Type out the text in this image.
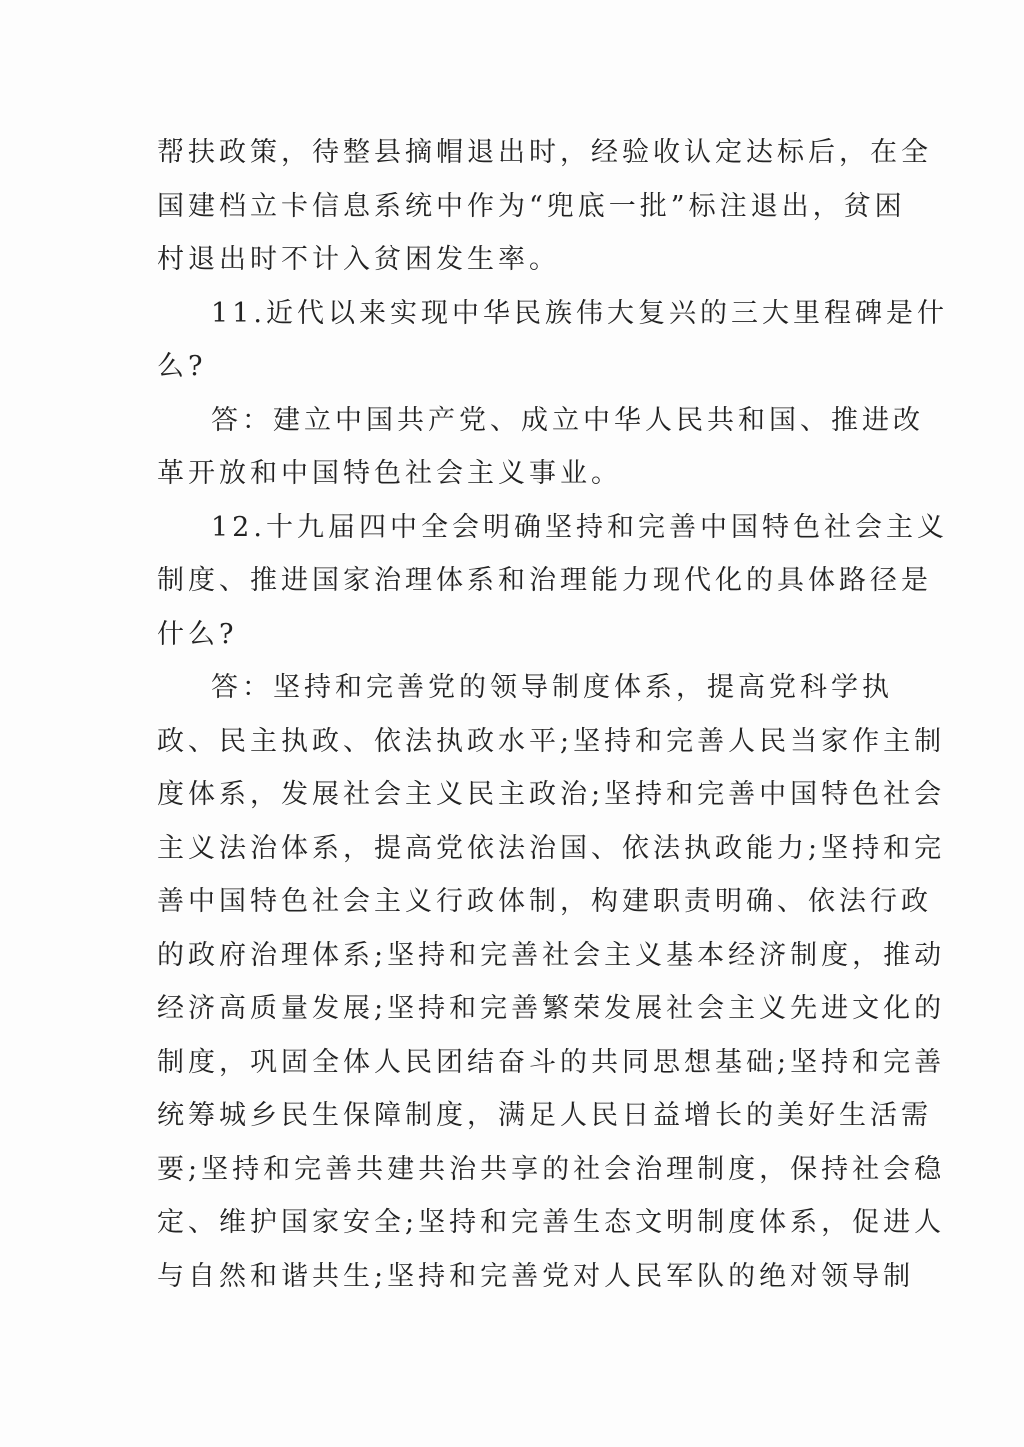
帮扶政策，待整县摘帽退出时，经验收认定达标后，在全
国建档立卡信息系统中作为“兜底一批”标注退出，贫困
村退出时不计入贫困发生率。
11.近代以来实现中华民族伟大复兴的三大里程碑是什
么?
答：建立中国共产党、成立中华人民共和国、推进改
革开放和中国特色社会主义事业。
12.十九届四中全会明确坚持和完善中国特色社会主义
制度、推进国家治理体系和治理能力现代化的具体路径是
什么?
答：坚持和完善党的领导制度体系，提高党科学执
政、民主执政、依法执政水平;坚持和完善人民当家作主制
度体系，发展社会主义民主政治;坚持和完善中国特色社会
主义法治体系，提高党依法治国、依法执政能力;坚持和完
善中国特色社会主义行政体制，构建职责明确、依法行政
的政府治理体系;坚持和完善社会主义基本经济制度，推动
经济高质量发展;坚持和完善繁荣发展社会主义先进文化的
制度，巩固全体人民团结奋斗的共同思想基础;坚持和完善
统筹城乡民生保障制度，满足人民日益增长的美好生活需
要;坚持和完善共建共治共享的社会治理制度，保持社会稳
定、维护国家安全;坚持和完善生态文明制度体系，促进人
与自然和谐共生;坚持和完善党对人民军队的绝对领导制
